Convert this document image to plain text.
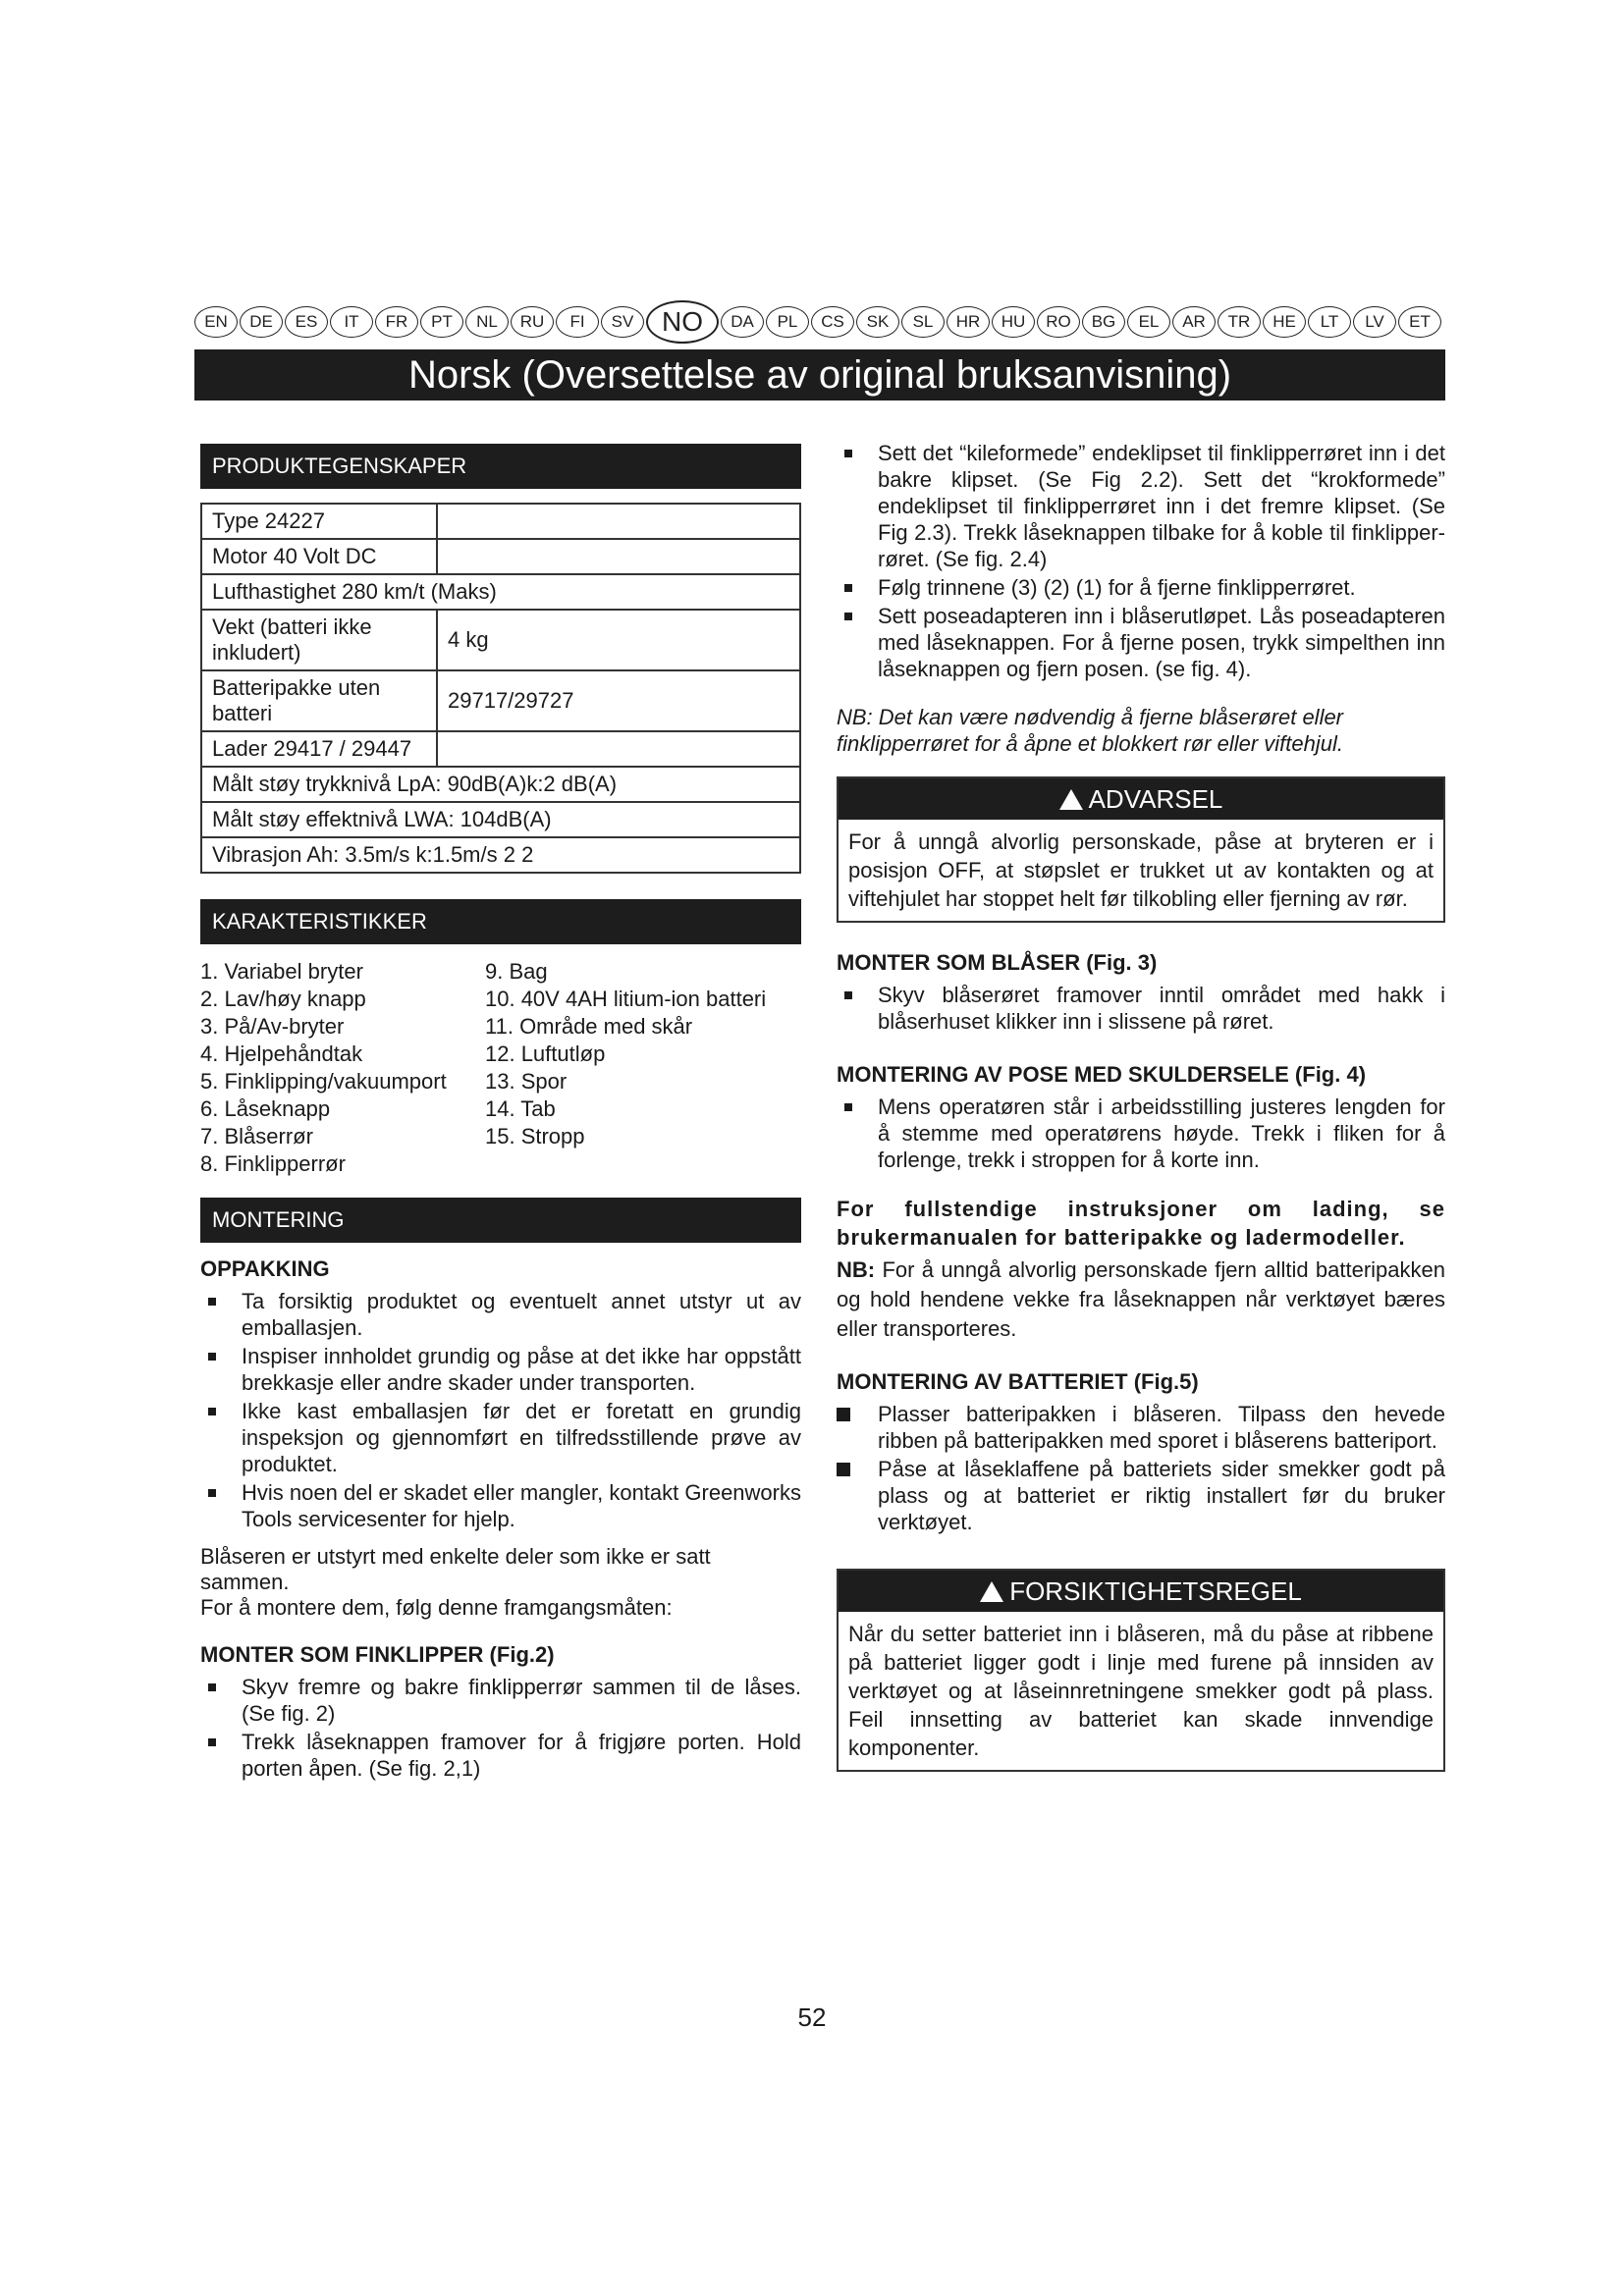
EN	DE	ES	IT	FR	PT	NL	RU	FI	SV	NO	DA	PL	CS	SK	SL	HR	HU	RO	BG	EL	AR	TR	HE	LT	LV	ET
Norsk (Oversettelse av original bruksanvisning)
PRODUKTEGENSKAPER
Type 24227	
Motor 40 Volt DC	
Lufthastighet 280 km/t (Maks)	
Vekt (batteri ikke inkludert)	4 kg
Batteripakke uten batteri	29717/29727
Lader 29417 / 29447	
Målt støy trykknivå LpA: 90dB(A)k:2 dB(A)	
Målt støy effektnivå LWA: 104dB(A)	
Vibrasjon Ah: 3.5m/s k:1.5m/s 2 2	
KARAKTERISTIKKER
1. Variabel bryter	9. Bag
2. Lav/høy knapp	10. 40V 4AH litium-ion batteri
3. På/Av-bryter	11. Område med skår
4. Hjelpehåndtak	12. Luftutløp
5. Finklipping/vakuumport	13. Spor
6. Låseknapp	14. Tab
7. Blåserrør	15. Stropp
8. Finklipperrør
MONTERING
OPPAKKING
Ta forsiktig produktet og eventuelt annet utstyr ut av emballasjen.
Inspiser innholdet grundig og påse at det ikke har oppstått brekkasje eller andre skader under transporten.
Ikke kast emballasjen før det er foretatt en grundig inspeksjon og gjennomført en tilfredsstillende prøve av produktet.
Hvis noen del er skadet eller mangler, kontakt Greenworks Tools servicesenter for hjelp.

Blåseren er utstyrt med enkelte deler som ikke er satt sammen.

For å montere dem, følg denne framgangsmåten:

MONTER SOM FINKLIPPER (Fig.2)
Skyv fremre og bakre finklipperrør sammen til de låses. (Se fig. 2)
Trekk låseknappen framover for å frigjøre porten. Hold porten åpen. (Se fig. 2,1)
Sett det “kileformede” endeklipset til finklipperrøret inn i det bakre klipset. (Se Fig 2.2). Sett det “krokformede” endeklipset til finklipperrøret inn i det fremre klipset. (Se Fig 2.3). Trekk låseknappen tilbake for å koble til finklipper-røret. (Se fig. 2.4)
Følg trinnene (3) (2) (1) for å fjerne finklipperrøret.
Sett poseadapteren inn i blåserutløpet. Lås poseadapteren med låseknappen. For å fjerne posen, trykk simpelthen inn låseknappen og fjern posen. (se fig. 4).
NB: Det kan være nødvendig å fjerne blåserøret eller finklipperrøret for å åpne et blokkert rør eller viftehjul.
ADVARSEL
For å unngå alvorlig personskade, påse at bryteren er i posisjon OFF, at støpslet er trukket ut av kontakten og at viftehjulet har stoppet helt før tilkobling eller fjerning av rør.
MONTER SOM BLÅSER (Fig. 3)
Skyv blåserøret framover inntil området med hakk i blåserhuset klikker inn i slissene på røret.
MONTERING AV POSE MED SKULDERSELE (Fig. 4)
Mens operatøren står i arbeidsstilling justeres lengden for å stemme med operatørens høyde. Trekk i fliken for å forlenge, trekk i stroppen for å korte inn.

For fullstendige instruksjoner om lading, se brukermanualen for batteripakke og ladermodeller.

NB: For å unngå alvorlig personskade fjern alltid batteripakken og hold hendene vekke fra låseknappen når verktøyet bæres eller transporteres.

MONTERING AV BATTERIET (Fig.5)
Plasser batteripakken i blåseren. Tilpass den hevede ribben på batteripakken med sporet i blåserens batteriport.
Påse at låseklaffene på batteriets sider smekker godt på plass og at batteriet er riktig installert før du bruker verktøyet.
FORSIKTIGHETSREGEL
Når du setter batteriet inn i blåseren, må du påse at ribbene på batteriet ligger godt i linje med furene på innsiden av verktøyet og at låseinnretningene smekker godt på plass. Feil innsetting av batteriet kan skade innvendige komponenter.
52
